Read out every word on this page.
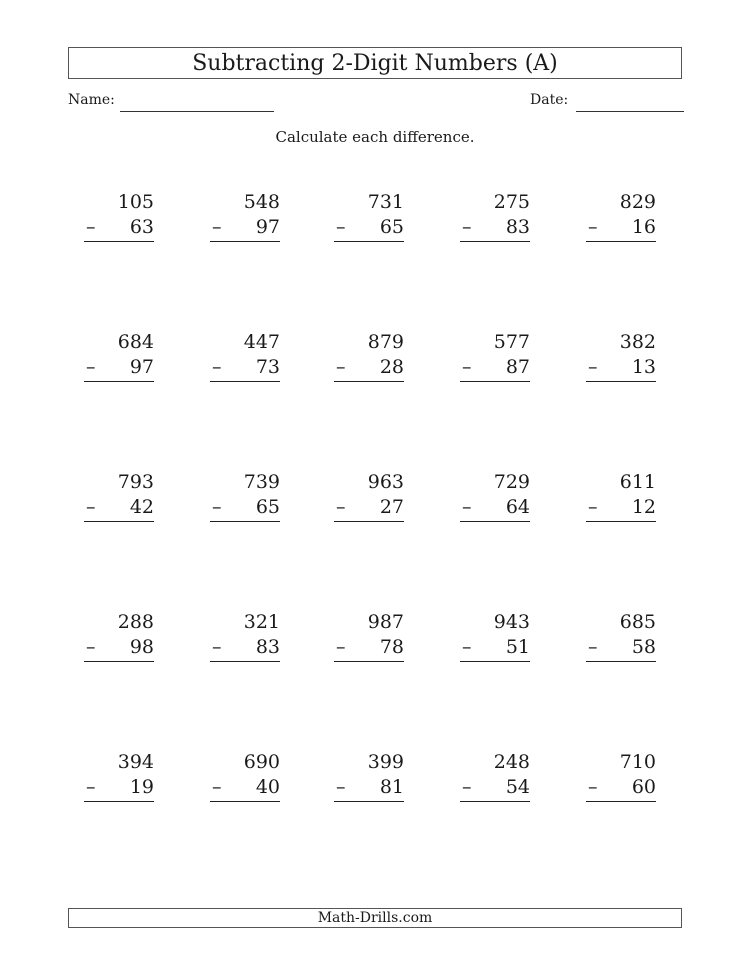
Subtracting 2-Digit Numbers (A)
Name:	Date:
Calculate each difference.
105
– 63
548
– 97
731
– 65
275
– 83
829
– 16
684
– 97
447
– 73
879
– 28
577
– 87
382
– 13
793
– 42
739
– 65
963
– 27
729
– 64
611
– 12
288
– 98
321
– 83
987
– 78
943
– 51
685
– 58
394
– 19
690
– 40
399
– 81
248
– 54
710
– 60
Math-Drills.com
